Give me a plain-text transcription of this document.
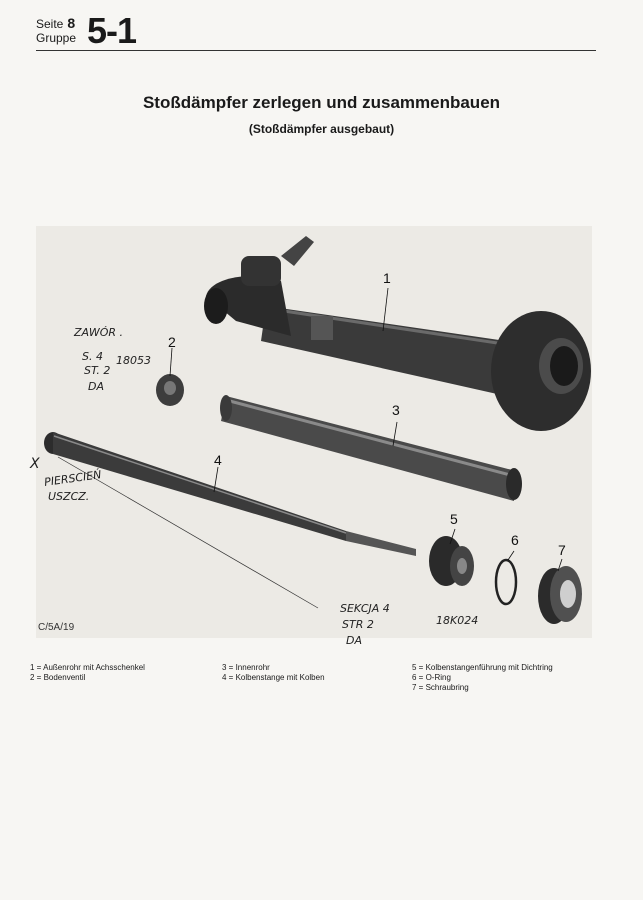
Seite 8
Gruppe 5-1
Stoßdämpfer zerlegen und zusammenbauen
(Stoßdämpfer ausgebaut)
1
2
3
4
5
6
7
ZAWÓR .
S. 4
ST. 2
18053
DA
X
PIERSCIEŃ
USZCZ.
SEKCJA 4
STR 2
DA
18K024
C/5A/19
1 = Außenrohr mit Achsschenkel
2 = Bodenventil
3 = Innenrohr
4 = Kolbenstange mit Kolben
5 = Kolbenstangenführung mit Dichtring
6 = O-Ring
7 = Schraubring
